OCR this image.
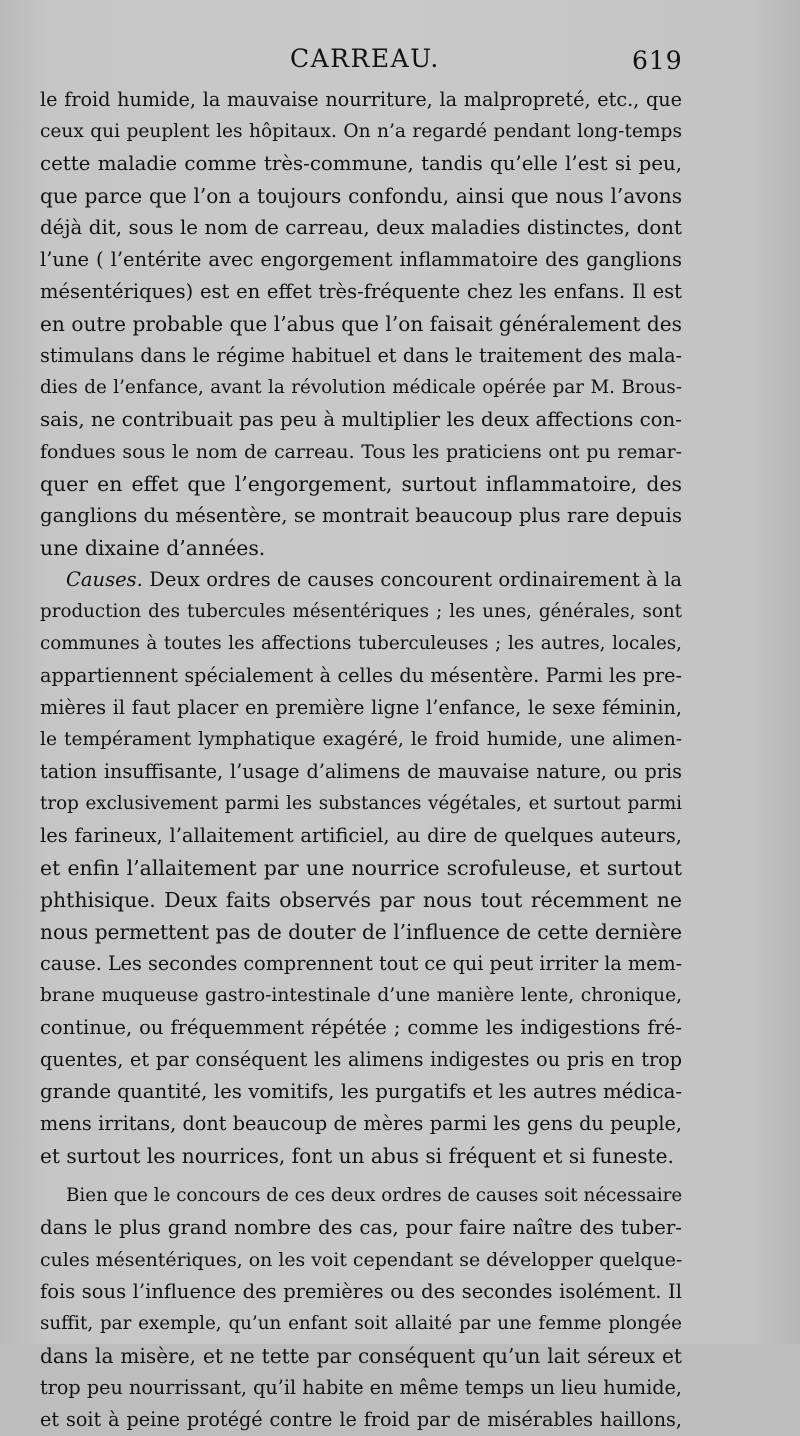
CARREAU.	619
le froid humide, la mauvaise nourriture, la malpropreté, etc., que
ceux qui peuplent les hôpitaux. On n’a regardé pendant long-temps
cette maladie comme très-commune, tandis qu’elle l’est si peu,
que parce que l’on a toujours confondu, ainsi que nous l’avons
déjà dit, sous le nom de carreau, deux maladies distinctes, dont
l’une ( l’entérite avec engorgement inflammatoire des ganglions
mésentériques) est en effet très-fréquente chez les enfans. Il est
en outre probable que l’abus que l’on faisait généralement des
stimulans dans le régime habituel et dans le traitement des mala-
dies de l’enfance, avant la révolution médicale opérée par M. Brous-
sais, ne contribuait pas peu à multiplier les deux affections con-
fondues sous le nom de carreau. Tous les praticiens ont pu remar-
quer en effet que l’engorgement, surtout inflammatoire, des
ganglions du mésentère, se montrait beaucoup plus rare depuis
une dixaine d’années.
Causes. Deux ordres de causes concourent ordinairement à la
production des tubercules mésentériques ; les unes, générales, sont
communes à toutes les affections tuberculeuses ; les autres, locales,
appartiennent spécialement à celles du mésentère. Parmi les pre-
mières il faut placer en première ligne l’enfance, le sexe féminin,
le tempérament lymphatique exagéré, le froid humide, une alimen-
tation insuffisante, l’usage d’alimens de mauvaise nature, ou pris
trop exclusivement parmi les substances végétales, et surtout parmi
les farineux, l’allaitement artificiel, au dire de quelques auteurs,
et enfin l’allaitement par une nourrice scrofuleuse, et surtout
phthisique. Deux faits observés par nous tout récemment ne
nous permettent pas de douter de l’influence de cette dernière
cause. Les secondes comprennent tout ce qui peut irriter la mem-
brane muqueuse gastro-intestinale d’une manière lente, chronique,
continue, ou fréquemment répétée ; comme les indigestions fré-
quentes, et par conséquent les alimens indigestes ou pris en trop
grande quantité, les vomitifs, les purgatifs et les autres médica-
mens irritans, dont beaucoup de mères parmi les gens du peuple,
et surtout les nourrices, font un abus si fréquent et si funeste.
Bien que le concours de ces deux ordres de causes soit nécessaire
dans le plus grand nombre des cas, pour faire naître des tuber-
cules mésentériques, on les voit cependant se développer quelque-
fois sous l’influence des premières ou des secondes isolément. Il
suffit, par exemple, qu’un enfant soit allaité par une femme plongée
dans la misère, et ne tette par conséquent qu’un lait séreux et
trop peu nourrissant, qu’il habite en même temps un lieu humide,
et soit à peine protégé contre le froid par de misérables haillons,
